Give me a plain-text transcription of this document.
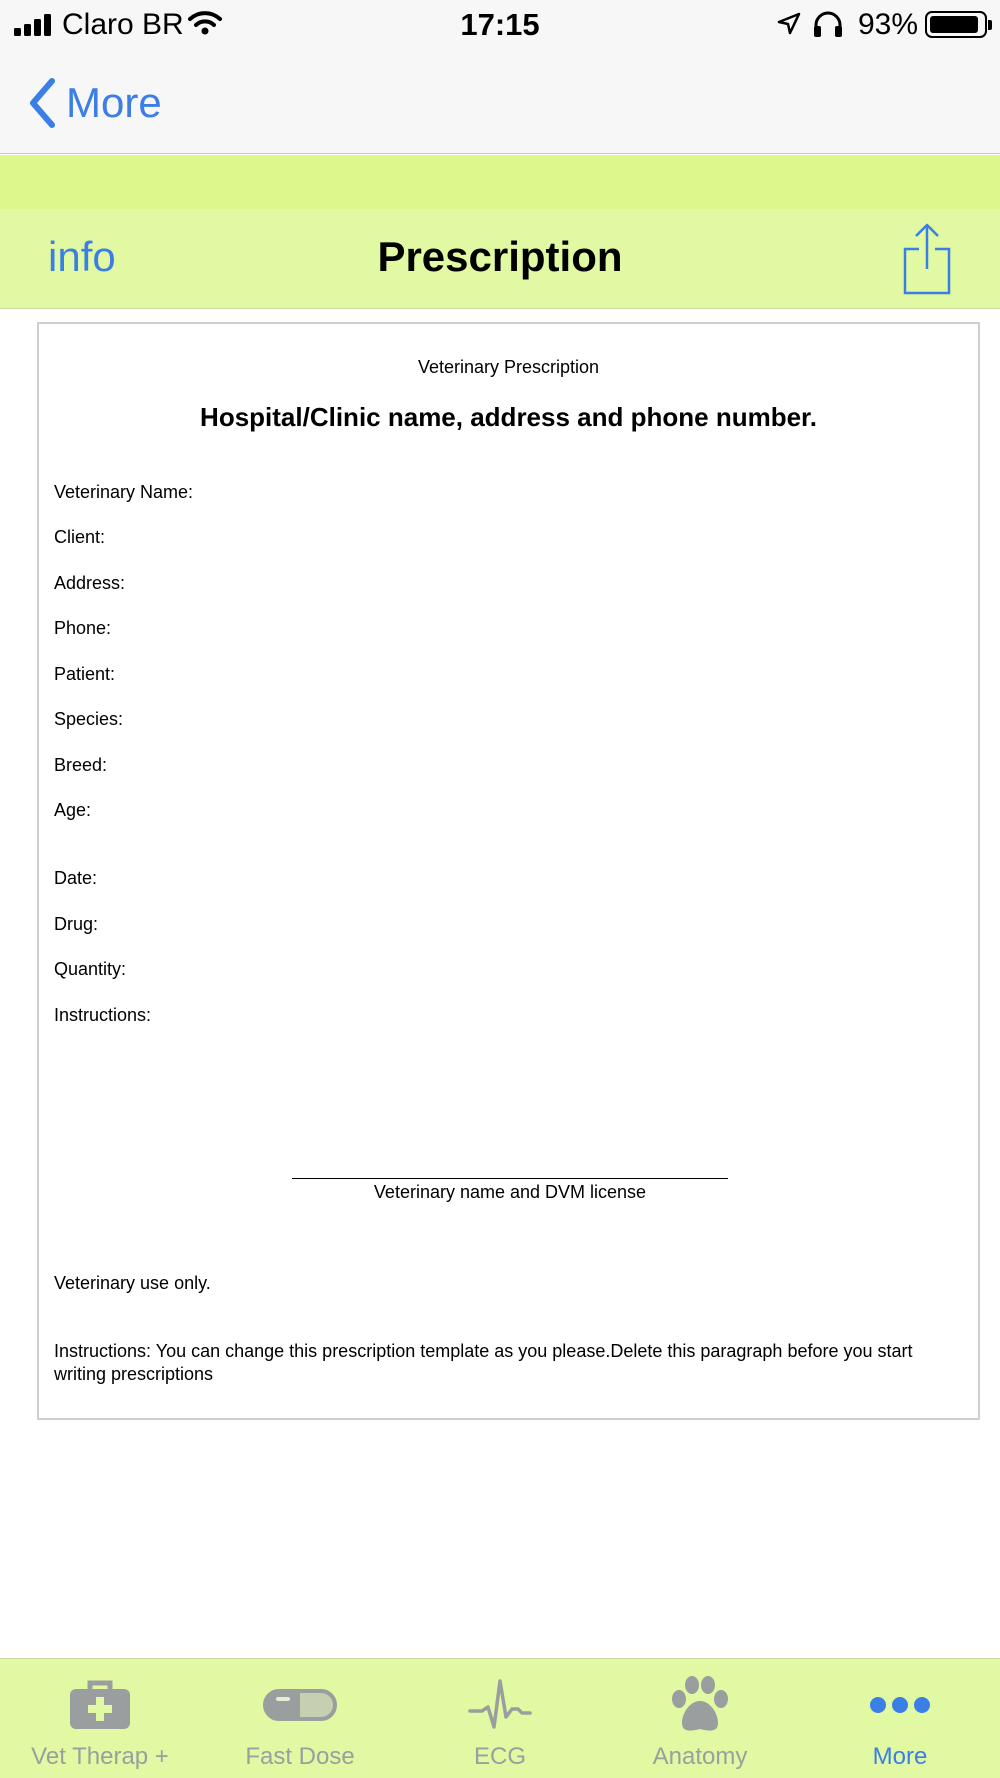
Claro BR	17:15	93%
More
info	Prescription
Veterinary Prescription
Hospital/Clinic name, address and phone number.
Veterinary Name:
Client:
Address:
Phone:
Patient:
Species:
Breed:
Age:
Date:
Drug:
Quantity:
Instructions:
Veterinary name and DVM license
Veterinary use only.
Instructions: You can change this prescription template as you please.Delete this paragraph before you start writing prescriptions
Vet Therap +	Fast Dose	ECG	Anatomy	More
